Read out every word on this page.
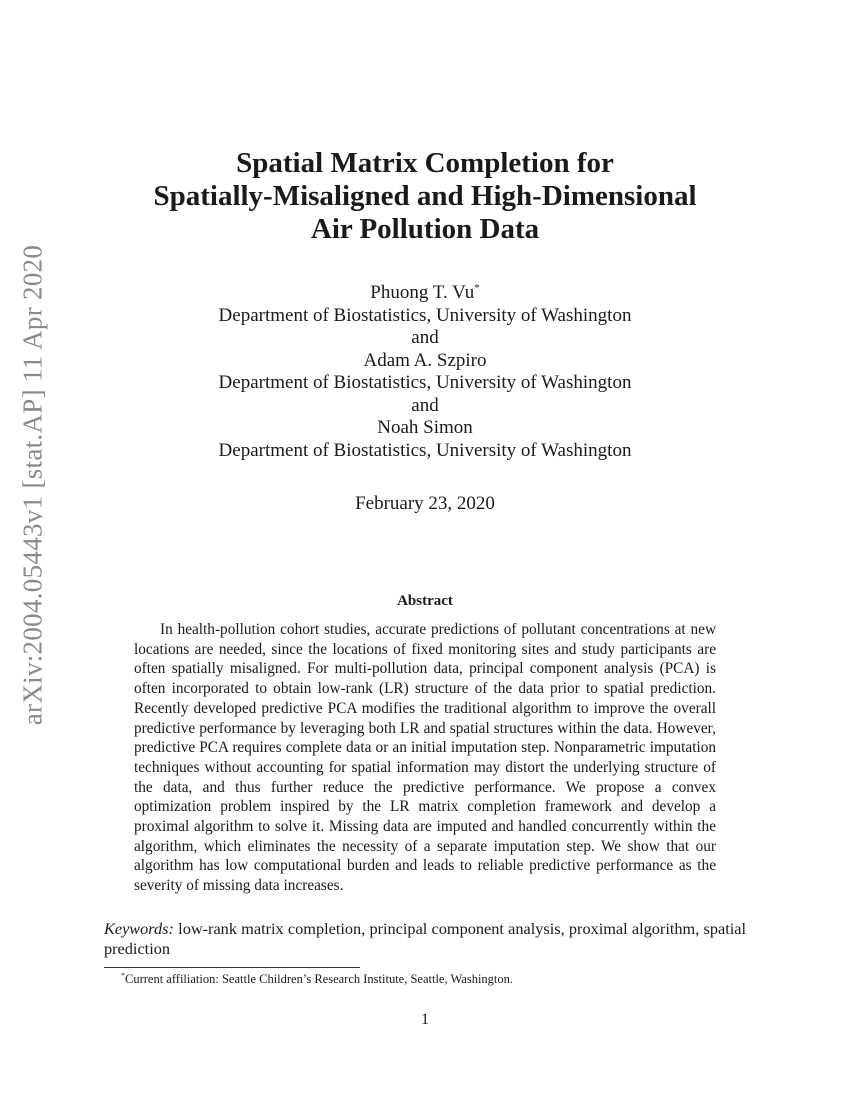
arXiv:2004.05443v1 [stat.AP] 11 Apr 2020
Spatial Matrix Completion for
Spatially-Misaligned and High-Dimensional
Air Pollution Data
Phuong T. Vu*
Department of Biostatistics, University of Washington
and
Adam A. Szpiro
Department of Biostatistics, University of Washington
and
Noah Simon
Department of Biostatistics, University of Washington
February 23, 2020
Abstract
In health-pollution cohort studies, accurate predictions of pollutant concentrations at new locations are needed, since the locations of fixed monitoring sites and study participants are often spatially misaligned. For multi-pollution data, principal component analysis (PCA) is often incorporated to obtain low-rank (LR) structure of the data prior to spatial prediction. Recently developed predictive PCA modifies the traditional algorithm to improve the overall predictive performance by leveraging both LR and spatial structures within the data. However, predictive PCA requires complete data or an initial imputation step. Nonparametric imputation techniques without accounting for spatial information may distort the underlying structure of the data, and thus further reduce the predictive performance. We propose a convex optimization problem inspired by the LR matrix completion framework and develop a proximal algorithm to solve it. Missing data are imputed and handled concurrently within the algorithm, which eliminates the necessity of a separate imputation step. We show that our algorithm has low computational burden and leads to reliable predictive performance as the severity of missing data increases.
Keywords: low-rank matrix completion, principal component analysis, proximal algorithm, spatial prediction
*Current affiliation: Seattle Children’s Research Institute, Seattle, Washington.
1
